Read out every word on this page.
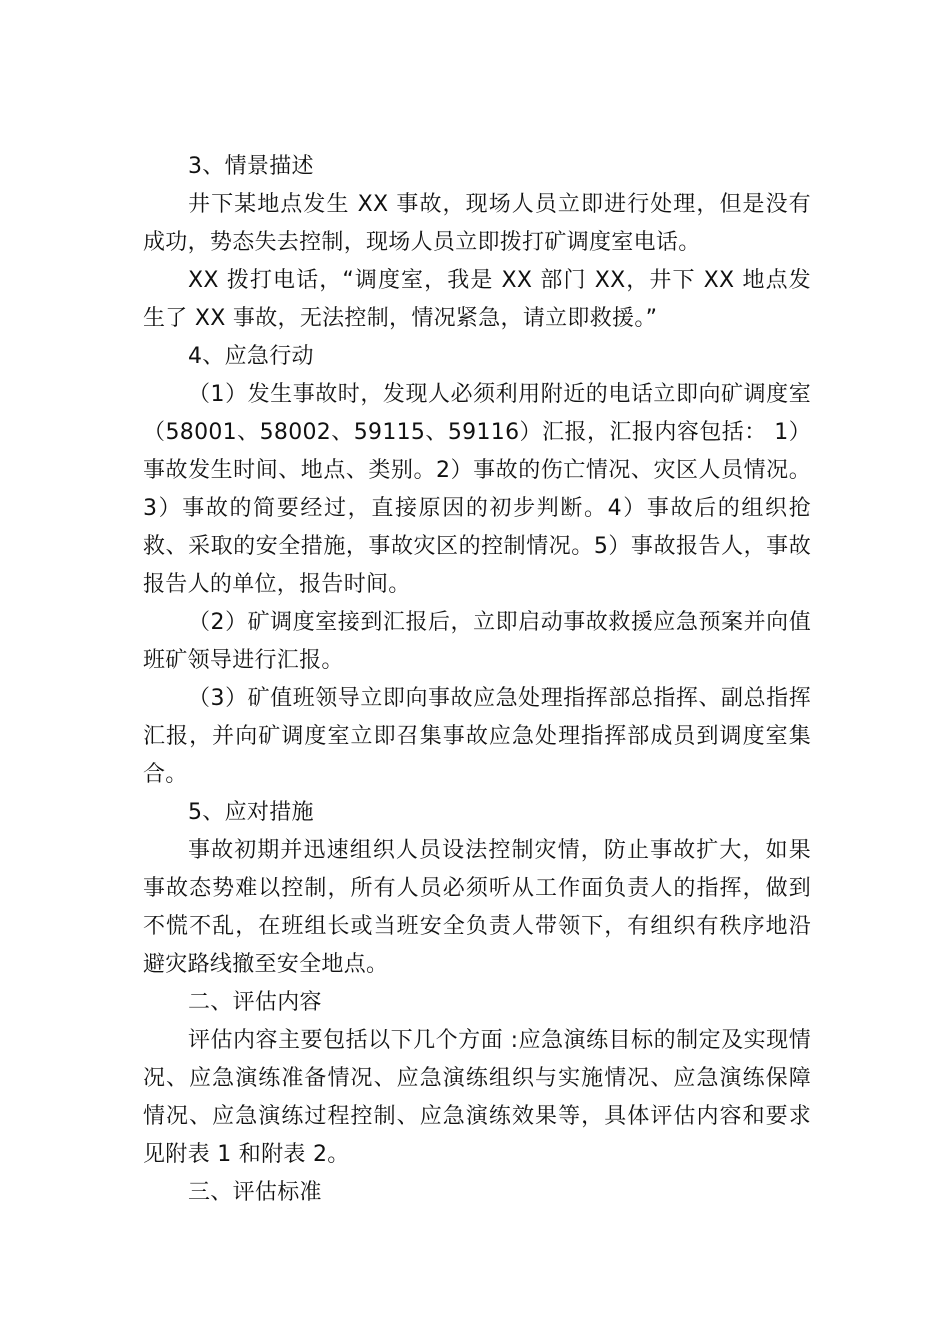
3、情景描述

井下某地点发生 XX 事故，现场人员立即进行处理，但是没有成功，势态失去控制，现场人员立即拨打矿调度室电话。

XX 拨打电话，“调度室，我是 XX 部门 XX，井下 XX 地点发生了 XX 事故，无法控制，情况紧急，请立即救援。”

4、应急行动

（1）发生事故时，发现人必须利用附近的电话立即向矿调度室（58001、58002、59115、59116）汇报，汇报内容包括： 1）事故发生时间、地点、类别。2）事故的伤亡情况、灾区人员情况。3）事故的简要经过，直接原因的初步判断。4）事故后的组织抢救、采取的安全措施，事故灾区的控制情况。5）事故报告人，事故报告人的单位，报告时间。

（2）矿调度室接到汇报后，立即启动事故救援应急预案并向值班矿领导进行汇报。

（3）矿值班领导立即向事故应急处理指挥部总指挥、副总指挥汇报，并向矿调度室立即召集事故应急处理指挥部成员到调度室集合。

5、应对措施

事故初期并迅速组织人员设法控制灾情，防止事故扩大，如果事故态势难以控制，所有人员必须听从工作面负责人的指挥，做到不慌不乱，在班组长或当班安全负责人带领下，有组织有秩序地沿避灾路线撤至安全地点。

二、评估内容

评估内容主要包括以下几个方面 :应急演练目标的制定及实现情况、应急演练准备情况、应急演练组织与实施情况、应急演练保障情况、应急演练过程控制、应急演练效果等，具体评估内容和要求见附表 1 和附表 2。

三、评估标准
